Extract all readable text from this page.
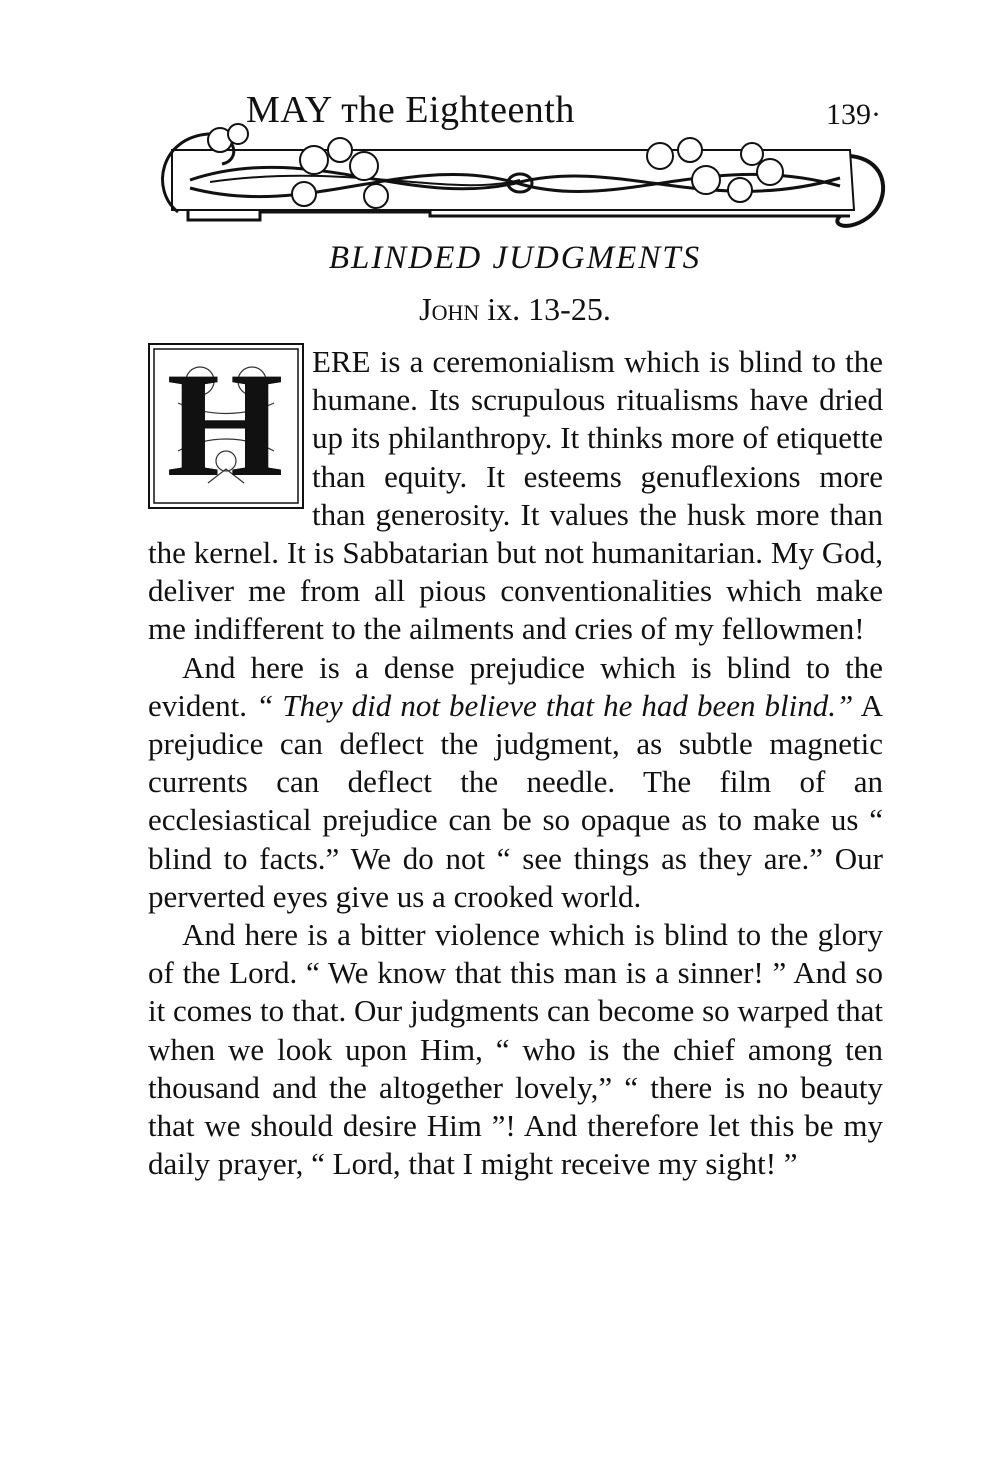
MAY ᴛhe Eighteenth	139·
BLINDED JUDGMENTS
John ix. 13-25.
H ERE is a ceremonialism which is blind to the humane. Its scrupulous ritualisms have dried up its philanthropy. It thinks more of etiquette than equity. It esteems genuflexions more than generosity. It values the husk more than the kernel. It is Sabbatarian but not humanitarian. My God, deliver me from all pious conventionalities which make me indifferent to the ailments and cries of my fellowmen!

And here is a dense prejudice which is blind to the evident. “ They did not believe that he had been blind.” A prejudice can deflect the judgment, as subtle magnetic currents can deflect the needle. The film of an ecclesiastical prejudice can be so opaque as to make us “ blind to facts.” We do not “ see things as they are.” Our perverted eyes give us a crooked world.

And here is a bitter violence which is blind to the glory of the Lord. “ We know that this man is a sinner! ” And so it comes to that. Our judgments can become so warped that when we look upon Him, “ who is the chief among ten thousand and the altogether lovely,” “ there is no beauty that we should desire Him ”! And therefore let this be my daily prayer, “ Lord, that I might receive my sight! ”
